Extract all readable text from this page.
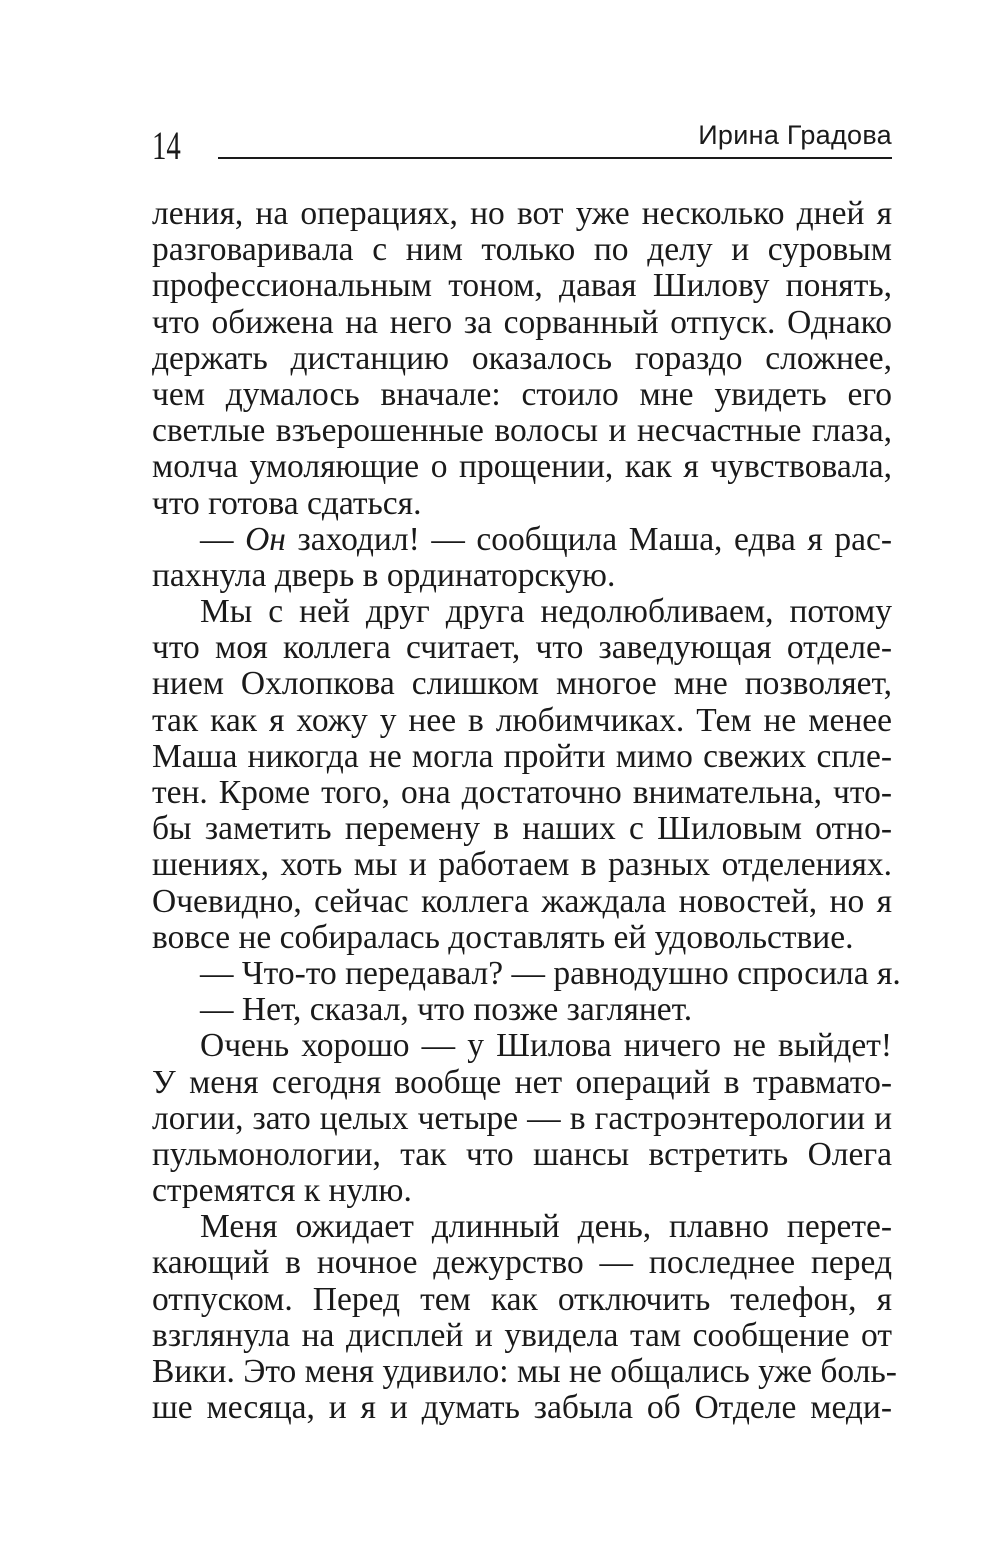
14	Ирина Градова
ления, на операциях, но вот уже несколько дней я
разговаривала с ним только по делу и суровым
профессиональным тоном, давая Шилову понять,
что обижена на него за сорванный отпуск. Однако
держать дистанцию оказалось гораздо сложнее,
чем думалось вначале: стоило мне увидеть его
светлые взъерошенные волосы и несчастные глаза,
молча умоляющие о прощении, как я чувствовала,
что готова сдаться.
— Он заходил! — сообщила Маша, едва я рас-
пахнула дверь в ординаторскую.
Мы с ней друг друга недолюбливаем, потому
что моя коллега считает, что заведующая отделе-
нием Охлопкова слишком многое мне позволяет,
так как я хожу у нее в любимчиках. Тем не менее
Маша никогда не могла пройти мимо свежих спле-
тен. Кроме того, она достаточно внимательна, что-
бы заметить перемену в наших с Шиловым отно-
шениях, хоть мы и работаем в разных отделениях.
Очевидно, сейчас коллега жаждала новостей, но я
вовсе не собиралась доставлять ей удовольствие.
— Что-то передавал? — равнодушно спросила я.
— Нет, сказал, что позже заглянет.
Очень хорошо — у Шилова ничего не выйдет!
У меня сегодня вообще нет операций в травмато-
логии, зато целых четыре — в гастроэнтерологии и
пульмонологии, так что шансы встретить Олега
стремятся к нулю.
Меня ожидает длинный день, плавно перете-
кающий в ночное дежурство — последнее перед
отпуском. Перед тем как отключить телефон, я
взглянула на дисплей и увидела там сообщение от
Вики. Это меня удивило: мы не общались уже боль-
ше месяца, и я и думать забыла об Отделе меди-
